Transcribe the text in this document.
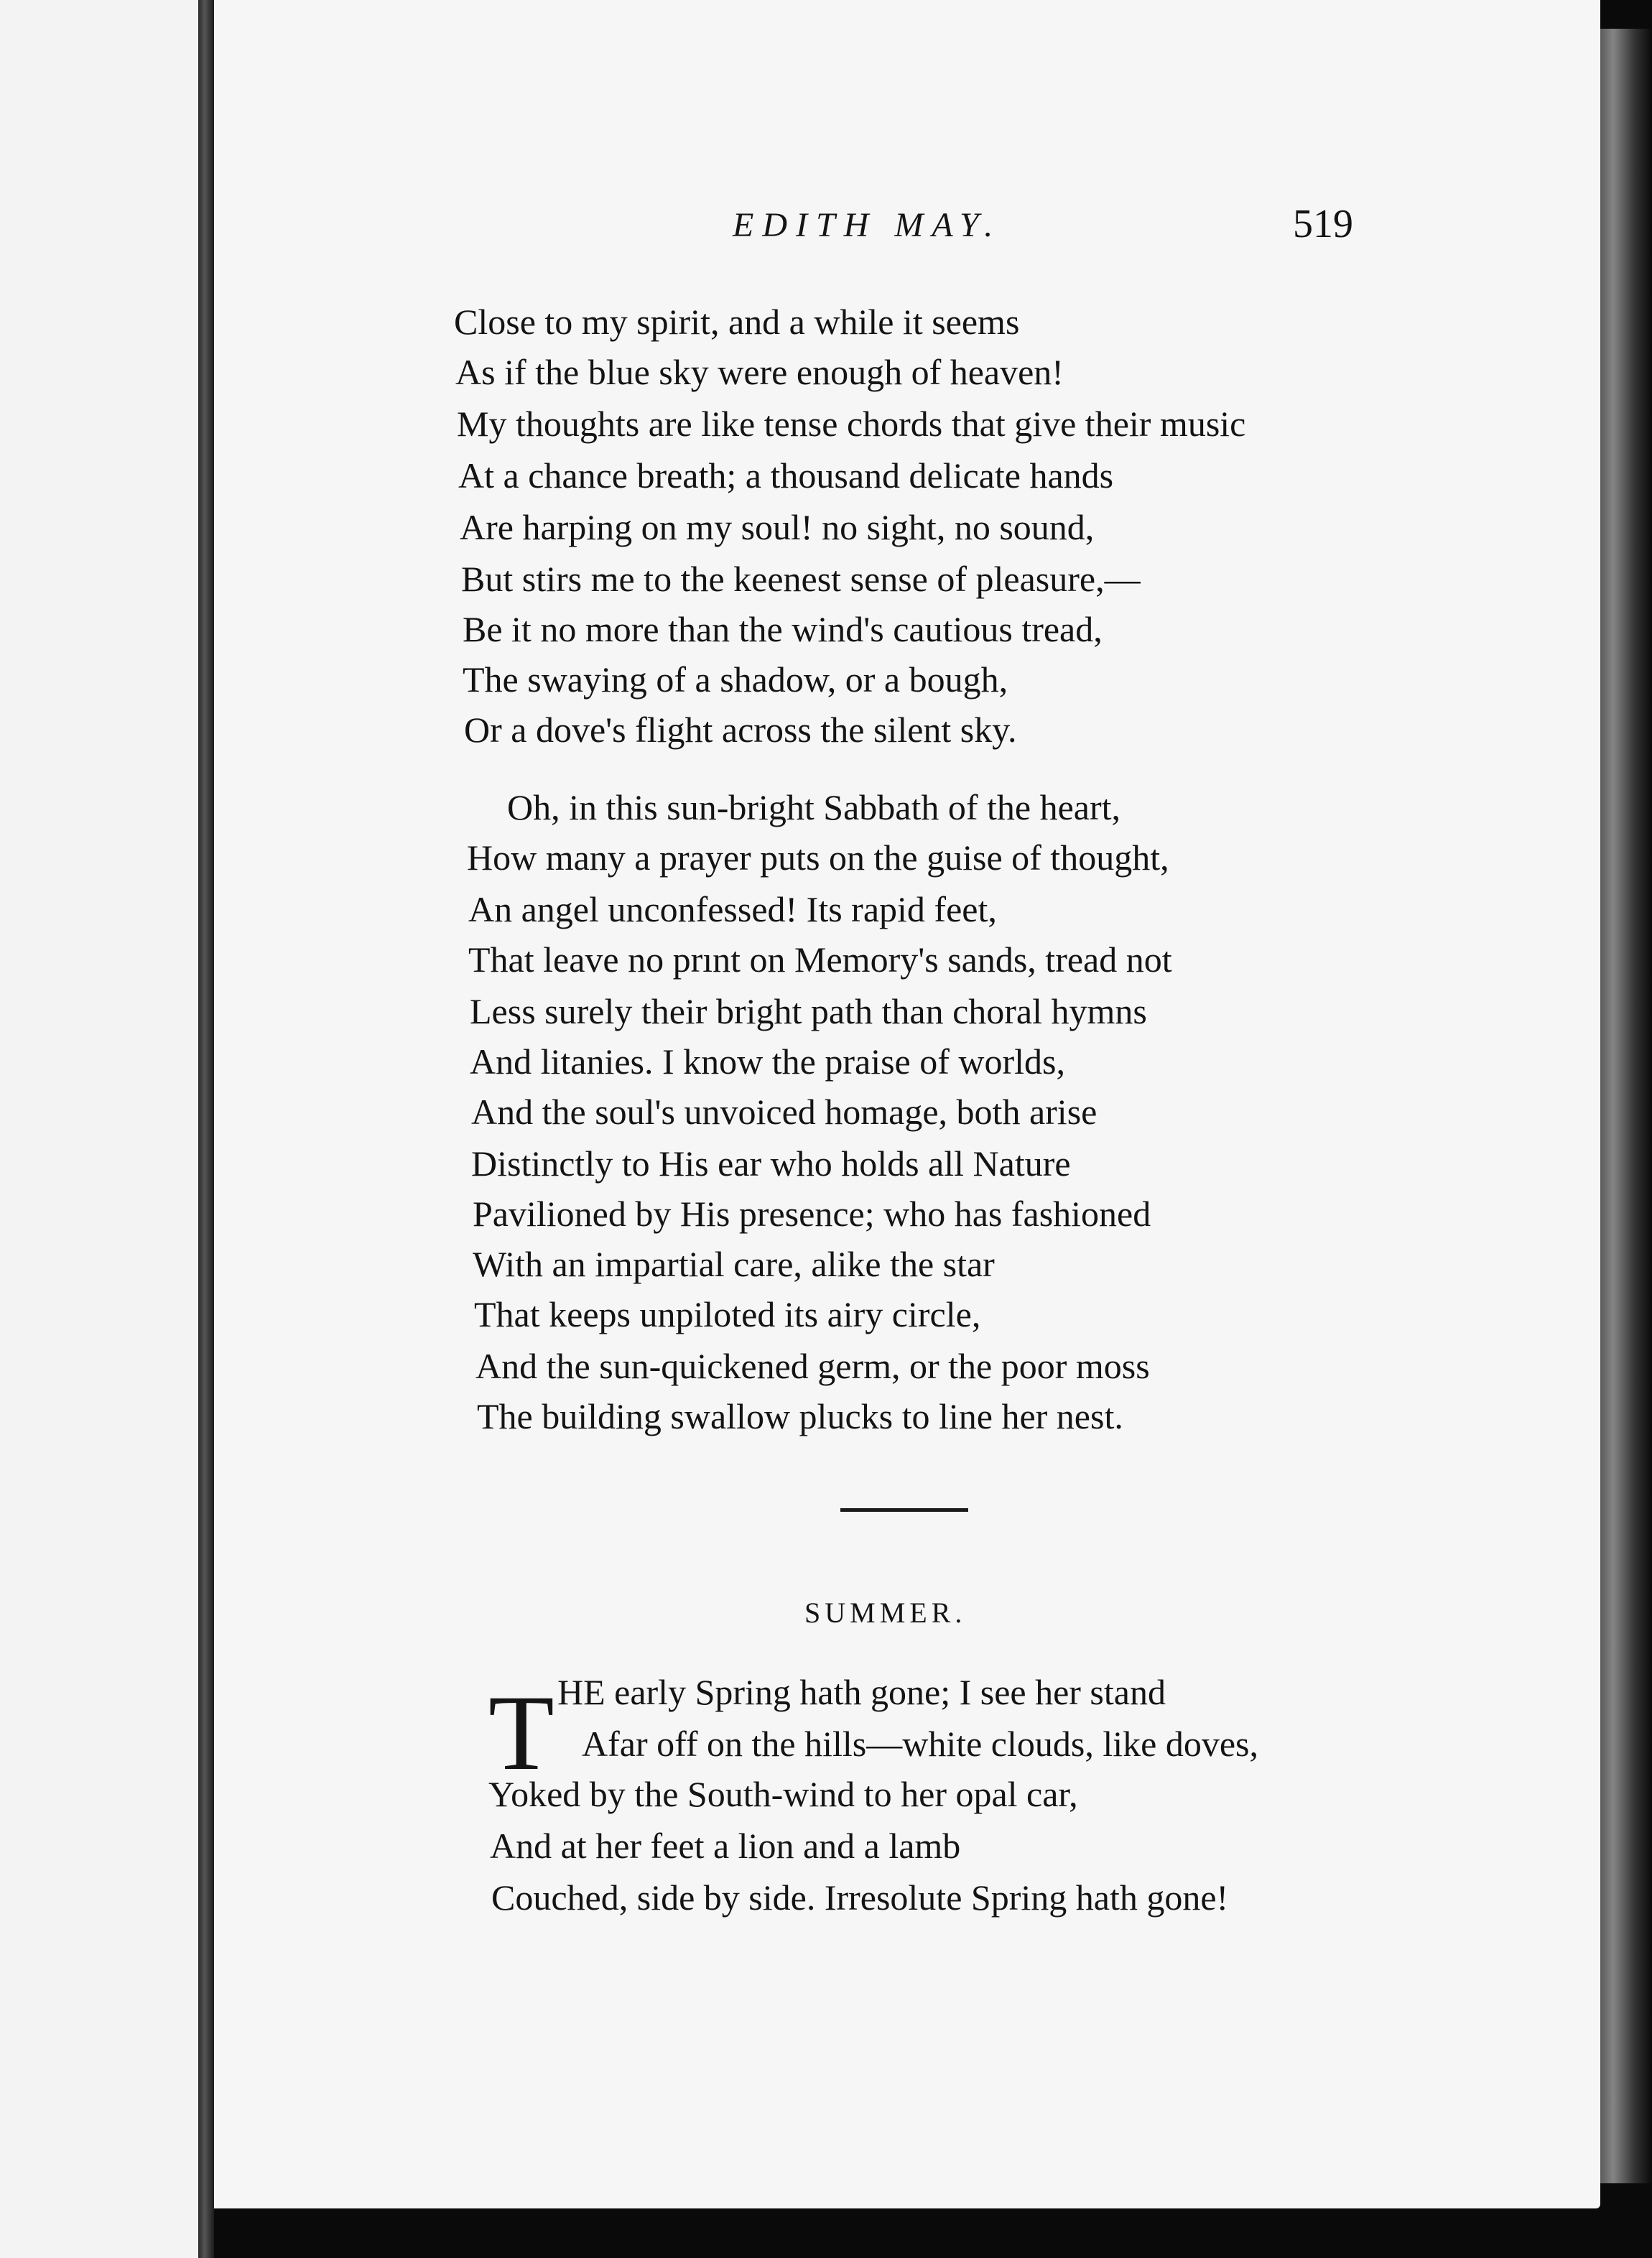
EDITH MAY.	519
Close to my spirit, and a while it seems
As if the blue sky were enough of heaven!
My thoughts are like tense chords that give their music
At a chance breath; a thousand delicate hands
Are harping on my soul! no sight, no sound,
But stirs me to the keenest sense of pleasure,—
Be it no more than the wind's cautious tread,
The swaying of a shadow, or a bough,
Or a dove's flight across the silent sky.
Oh, in this sun-bright Sabbath of the heart,
How many a prayer puts on the guise of thought,
An angel unconfessed! Its rapid feet,
That leave no prınt on Memory's sands, tread not
Less surely their bright path than choral hymns
And litanies. I know the praise of worlds,
And the soul's unvoiced homage, both arise
Distinctly to His ear who holds all Nature
Pavilioned by His presence; who has fashioned
With an impartial care, alike the star
That keeps unpiloted its airy circle,
And the sun-quickened germ, or the poor moss
The building swallow plucks to line her nest.
SUMMER.
T HE early Spring hath gone; I see her stand
Afar off on the hills—white clouds, like doves,
Yoked by the South-wind to her opal car,
And at her feet a lion and a lamb
Couched, side by side. Irresolute Spring hath gone!
